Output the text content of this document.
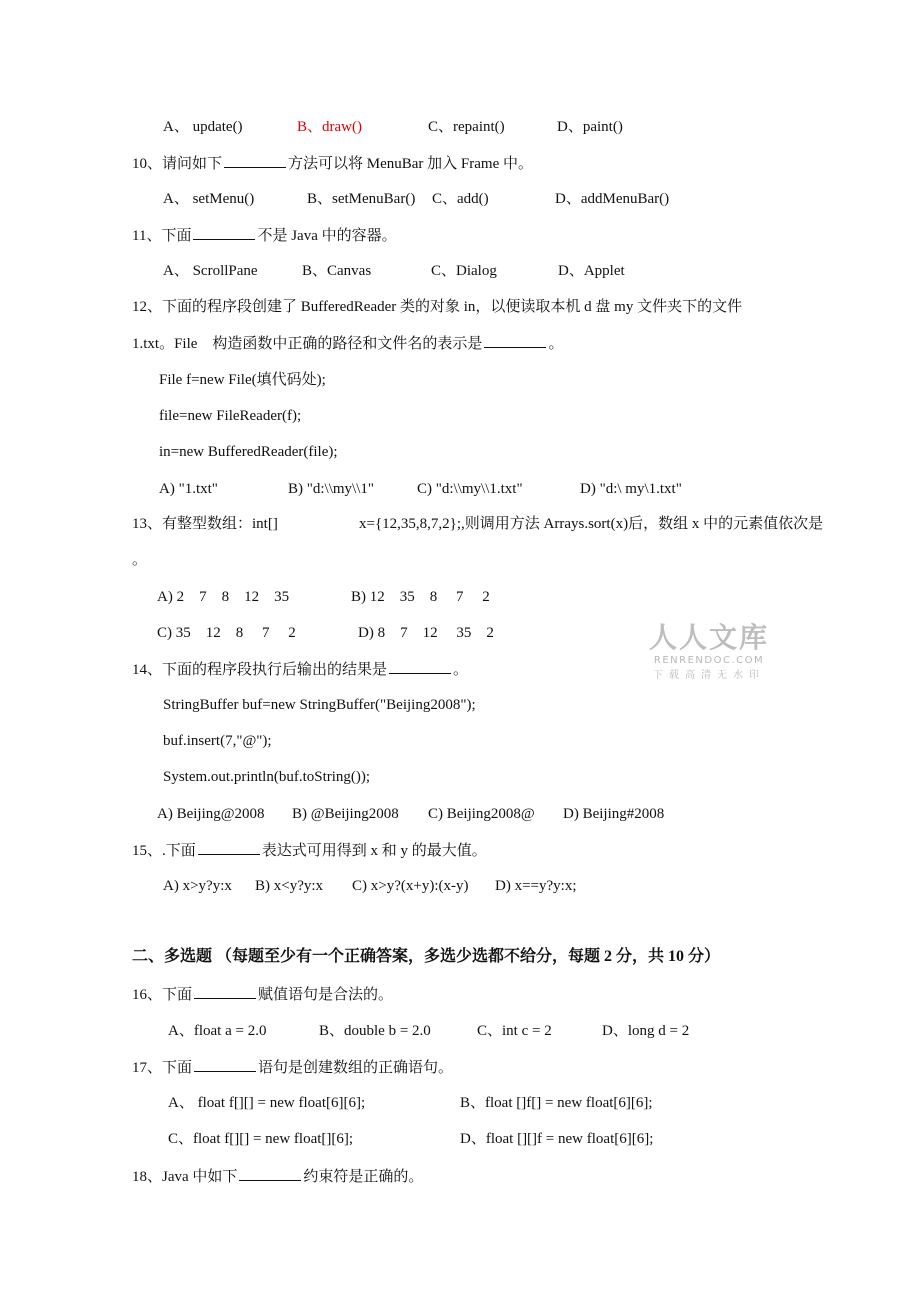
A、 update()	B、draw()	C、repaint()	D、paint()
10、请问如下	方法可以将 MenuBar 加入 Frame 中。
A、 setMenu()	B、setMenuBar() C、add()	D、addMenuBar()
11、下面	不是 Java 中的容器。
A、 ScrollPane	B、Canvas	C、Dialog	D、Applet
12、下面的程序段创建了 BufferedReader 类的对象 in，以便读取本机 d 盘 my 文件夹下的文件
1.txt。File　构造函数中正确的路径和文件名的表示是	。
File f=new File(填代码处);
file=new FileReader(f);
in=new BufferedReader(file);
A) "1.txt"	B) "d:\\my\\1"	C) "d:\\my\\1.txt"	D) "d:\ my\1.txt"
13、有整型数组：int[]	x={12,35,8,7,2};,则调用方法 Arrays.sort(x)后，数组 x 中的元素值依次是
。
A) 2　7　8　12　35	B) 12　35　8　 7　 2
C) 35　12　8　 7　 2	D) 8　7　12　 35　2	人人文库
RENRENDOC.COM
下载高清无水印
14、下面的程序段执行后输出的结果是	。
StringBuffer buf=new StringBuffer("Beijing2008");
buf.insert(7,"@");
System.out.println(buf.toString());
A) Beijing@2008 B) @Beijing2008 C) Beijing2008@ D) Beijing#2008
15、.下面	表达式可用得到 x 和 y 的最大值。
A) x>y?y:x B) x<y?y:x C) x>y?(x+y):(x-y) D) x==y?y:x;
二、多选题 （每题至少有一个正确答案，多选少选都不给分，每题 2 分，共 10 分）
16、下面	赋值语句是合法的。
A、float a = 2.0	B、double b = 2.0	C、int c = 2	D、long d = 2
17、下面	语句是创建数组的正确语句。
A、 float f[][] = new float[6][6];	B、float []f[] = new float[6][6];
C、float f[][] = new float[][6];	D、float [][]f = new float[6][6];
18、Java 中如下	约束符是正确的。
